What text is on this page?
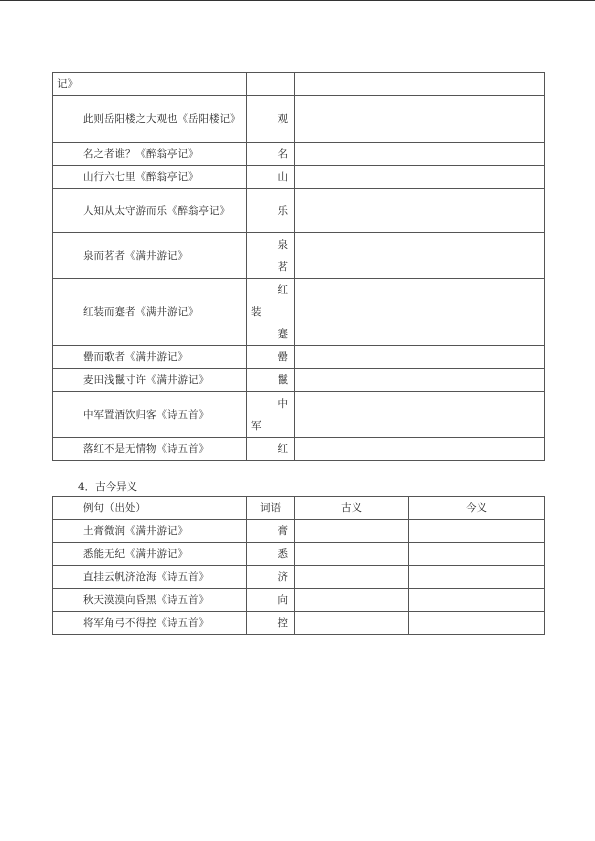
记》		
此则岳阳楼之大观也《岳阳楼记》	观	
名之者谁？《醉翁亭记》	名	
山行六七里《醉翁亭记》	山	
人知从太守游而乐《醉翁亭记》	乐	
泉而茗者《满井游记》	泉
茗	

红装而蹇者《满井游记》	红
装
蹇	

罍而歌者《满井游记》	罍	
麦田浅鬣寸许《满井游记》	鬣	
中军置酒饮归客《诗五首》	中
军	

落红不是无情物《诗五首》	红	
4．古今异义
例句（出处）	词语	古义	今义
土膏微润《满井游记》	膏		
悉能无纪《满井游记》	悉		
直挂云帆济沧海《诗五首》	济		
秋天漠漠向昏黑《诗五首》	向		
将军角弓不得控《诗五首》	控		
